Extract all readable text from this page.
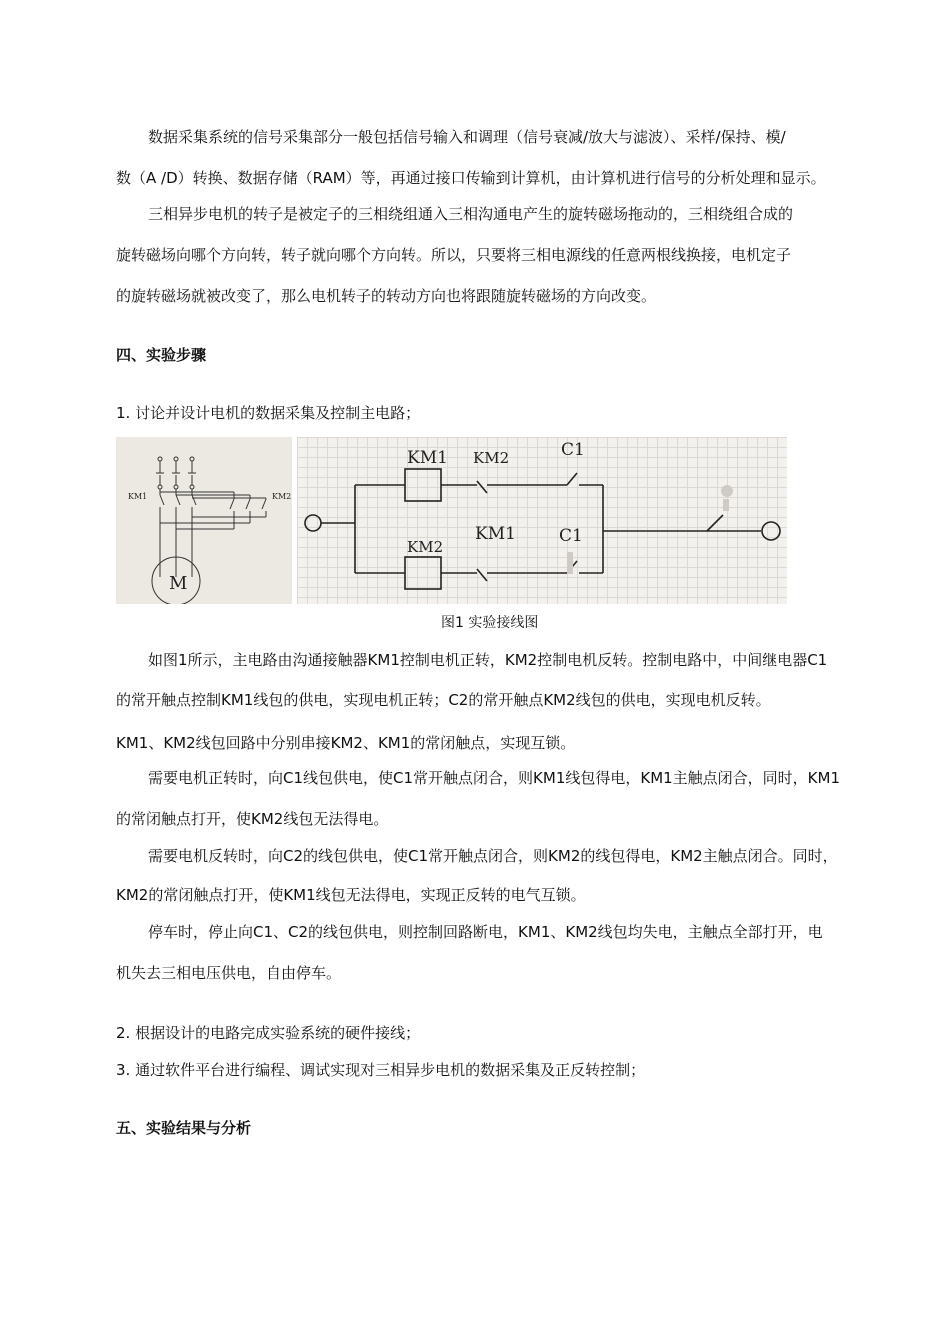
数据采集系统的信号采集部分一般包括信号输入和调理（信号衰减/放大与滤波）、采样/保持、模/
数（A /D）转换、数据存储（RAM）等，再通过接口传输到计算机，由计算机进行信号的分析处理和显示。
三相异步电机的转子是被定子的三相绕组通入三相沟通电产生的旋转磁场拖动的，三相绕组合成的
旋转磁场向哪个方向转，转子就向哪个方向转。所以，只要将三相电源线的任意两根线换接，电机定子
的旋转磁场就被改变了，那么电机转子的转动方向也将跟随旋转磁场的方向改变。
四、实验步骤
1. 讨论并设计电机的数据采集及控制主电路；
KM1	KM2
M
KM1 KM2	C1
KM2
KM1	C1
图1 实验接线图
如图1所示，主电路由沟通接触器KM1控制电机正转，KM2控制电机反转。控制电路中，中间继电器C1
的常开触点控制KM1线包的供电，实现电机正转；C2的常开触点KM2线包的供电，实现电机反转。
KM1、KM2线包回路中分别串接KM2、KM1的常闭触点，实现互锁。
需要电机正转时，向C1线包供电，使C1常开触点闭合，则KM1线包得电，KM1主触点闭合，同时，KM1
的常闭触点打开，使KM2线包无法得电。
需要电机反转时，向C2的线包供电，使C1常开触点闭合，则KM2的线包得电，KM2主触点闭合。同时，
KM2的常闭触点打开，使KM1线包无法得电，实现正反转的电气互锁。
停车时，停止向C1、C2的线包供电，则控制回路断电，KM1、KM2线包均失电，主触点全部打开，电
机失去三相电压供电，自由停车。
2. 根据设计的电路完成实验系统的硬件接线；
3. 通过软件平台进行编程、调试实现对三相异步电机的数据采集及正反转控制；
五、实验结果与分析
